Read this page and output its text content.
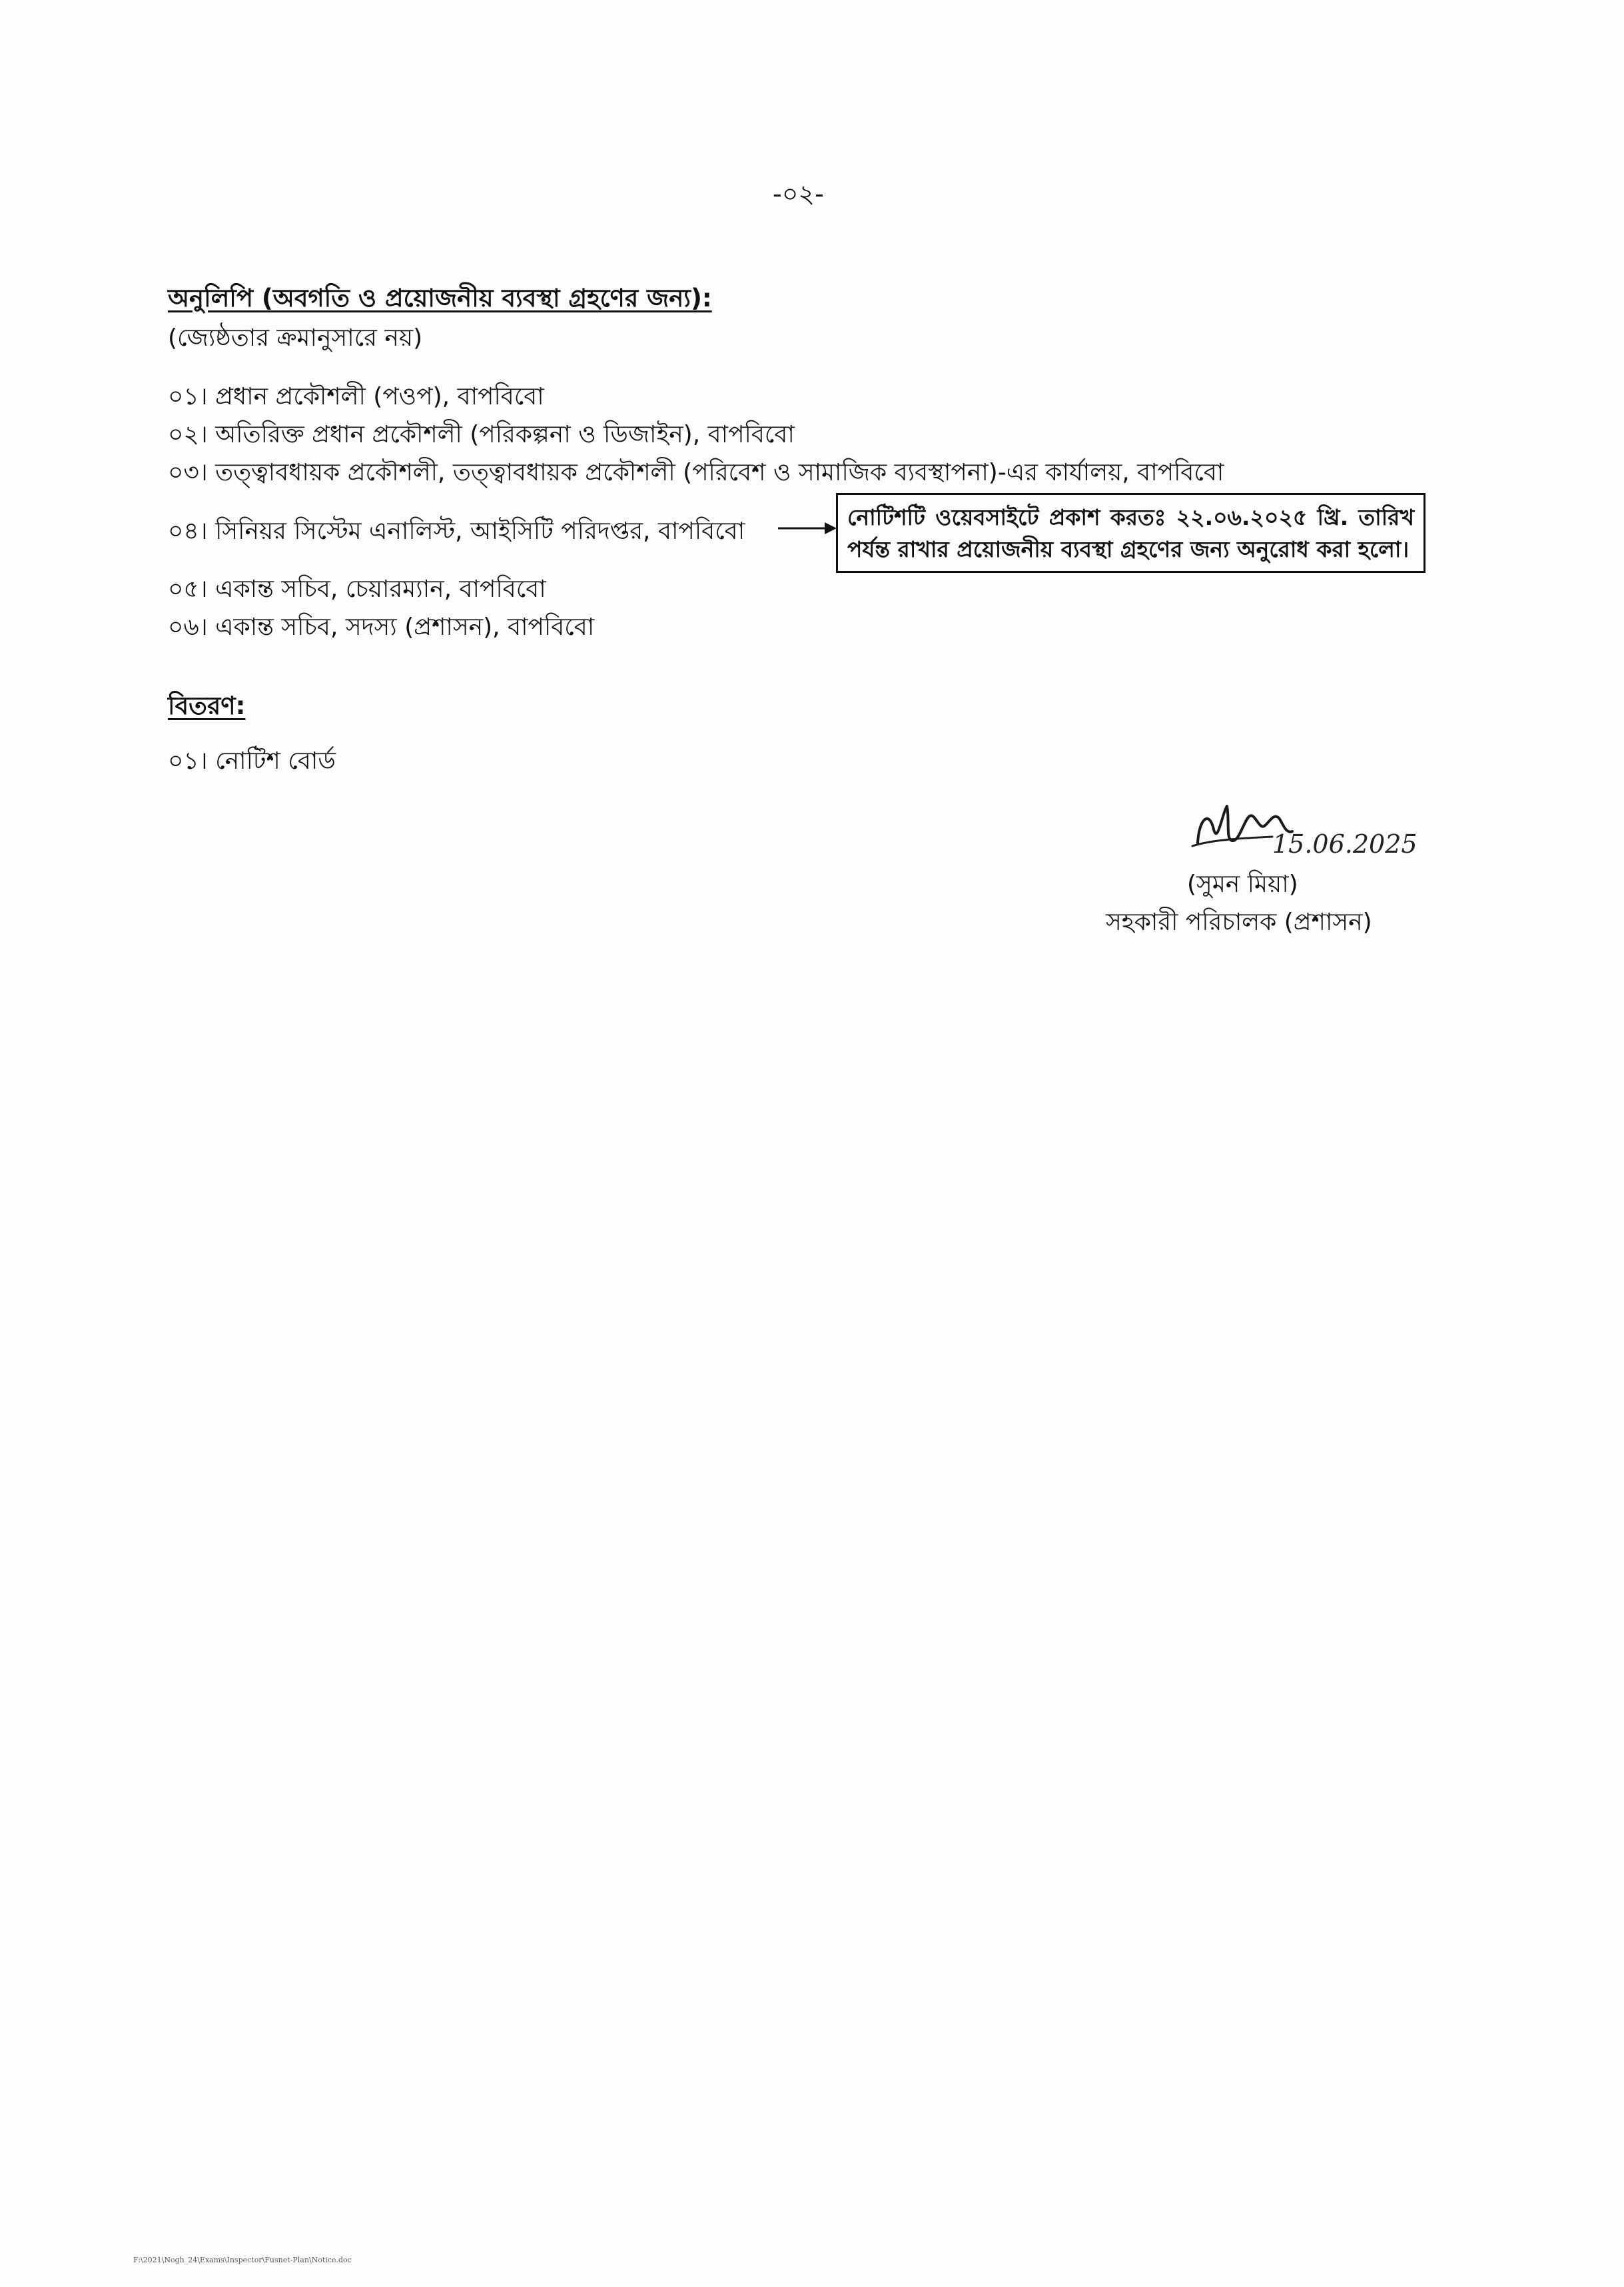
-০২-
অনুলিপি (অবগতি ও প্রয়োজনীয় ব্যবস্থা গ্রহণের জন্য):
(জ্যেষ্ঠতার ক্রমানুসারে নয়)
০১। প্রধান প্রকৌশলী (পওপ), বাপবিবো
০২। অতিরিক্ত প্রধান প্রকৌশলী (পরিকল্পনা ও ডিজাইন), বাপবিবো
০৩। তত্ত্বাবধায়ক প্রকৌশলী, তত্ত্বাবধায়ক প্রকৌশলী (পরিবেশ ও সামাজিক ব্যবস্থাপনা)-এর কার্যালয়, বাপবিবো
০৪। সিনিয়র সিস্টেম এনালিস্ট, আইসিটি পরিদপ্তর, বাপবিবো
নোটিশটি ওয়েবসাইটে প্রকাশ করতঃ ২২.০৬.২০২৫ খ্রি. তারিখ পর্যন্ত রাখার প্রয়োজনীয় ব্যবস্থা গ্রহণের জন্য অনুরোধ করা হলো।
০৫। একান্ত সচিব, চেয়ারম্যান, বাপবিবো
০৬। একান্ত সচিব, সদস্য (প্রশাসন), বাপবিবো
বিতরণ:
০১। নোটিশ বোর্ড
15.06.2025
(সুমন মিয়া)
সহকারী পরিচালক (প্রশাসন)
F:\2021\Nogh_24\Exams\Inspector\Fusnet-Plan\Notice.doc
